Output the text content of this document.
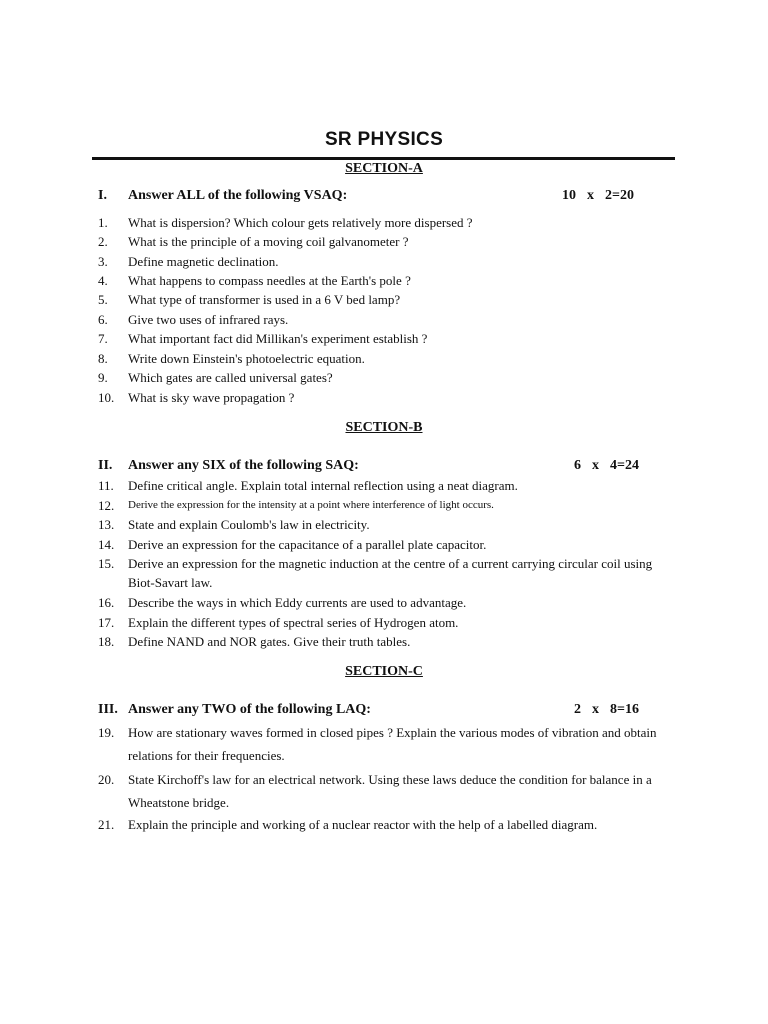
SR PHYSICS
SECTION-A
I. Answer ALL of the following VSAQ:	10  x  2=20
1. What is dispersion? Which colour gets relatively more dispersed ?
2. What is the principle of a moving coil galvanometer ?
3. Define magnetic declination.
4. What happens to compass needles at the Earth's pole ?
5. What type of transformer is used in a 6 V bed lamp?
6. Give two uses of infrared rays.
7. What important fact did Millikan's experiment establish ?
8. Write down Einstein's photoelectric equation.
9. Which gates are called universal gates?
10. What is sky wave propagation ?
SECTION-B
II. Answer any SIX of the following SAQ:	6  x  4=24
11. Define critical angle. Explain total internal reflection using a neat diagram.
12. Derive the expression for the intensity at a point where interference of light occurs.
13. State and explain Coulomb's law in electricity.
14. Derive an expression for the capacitance of a parallel plate capacitor.
15. Derive an expression for the magnetic induction at the centre of a current carrying circular coil using Biot-Savart law.
16. Describe the ways in which Eddy currents are used to advantage.
17. Explain the different types of spectral series of Hydrogen atom.
18. Define NAND and NOR gates. Give their truth tables.
SECTION-C
III. Answer any TWO of the following LAQ:	2  x  8=16
19. How are stationary waves formed in closed pipes ? Explain the various modes of vibration and obtain relations for their frequencies.
20. State Kirchoff's law for an electrical network. Using these laws deduce the condition for balance in a Wheatstone bridge.
21. Explain the principle and working of a nuclear reactor with the help of a labelled diagram.
